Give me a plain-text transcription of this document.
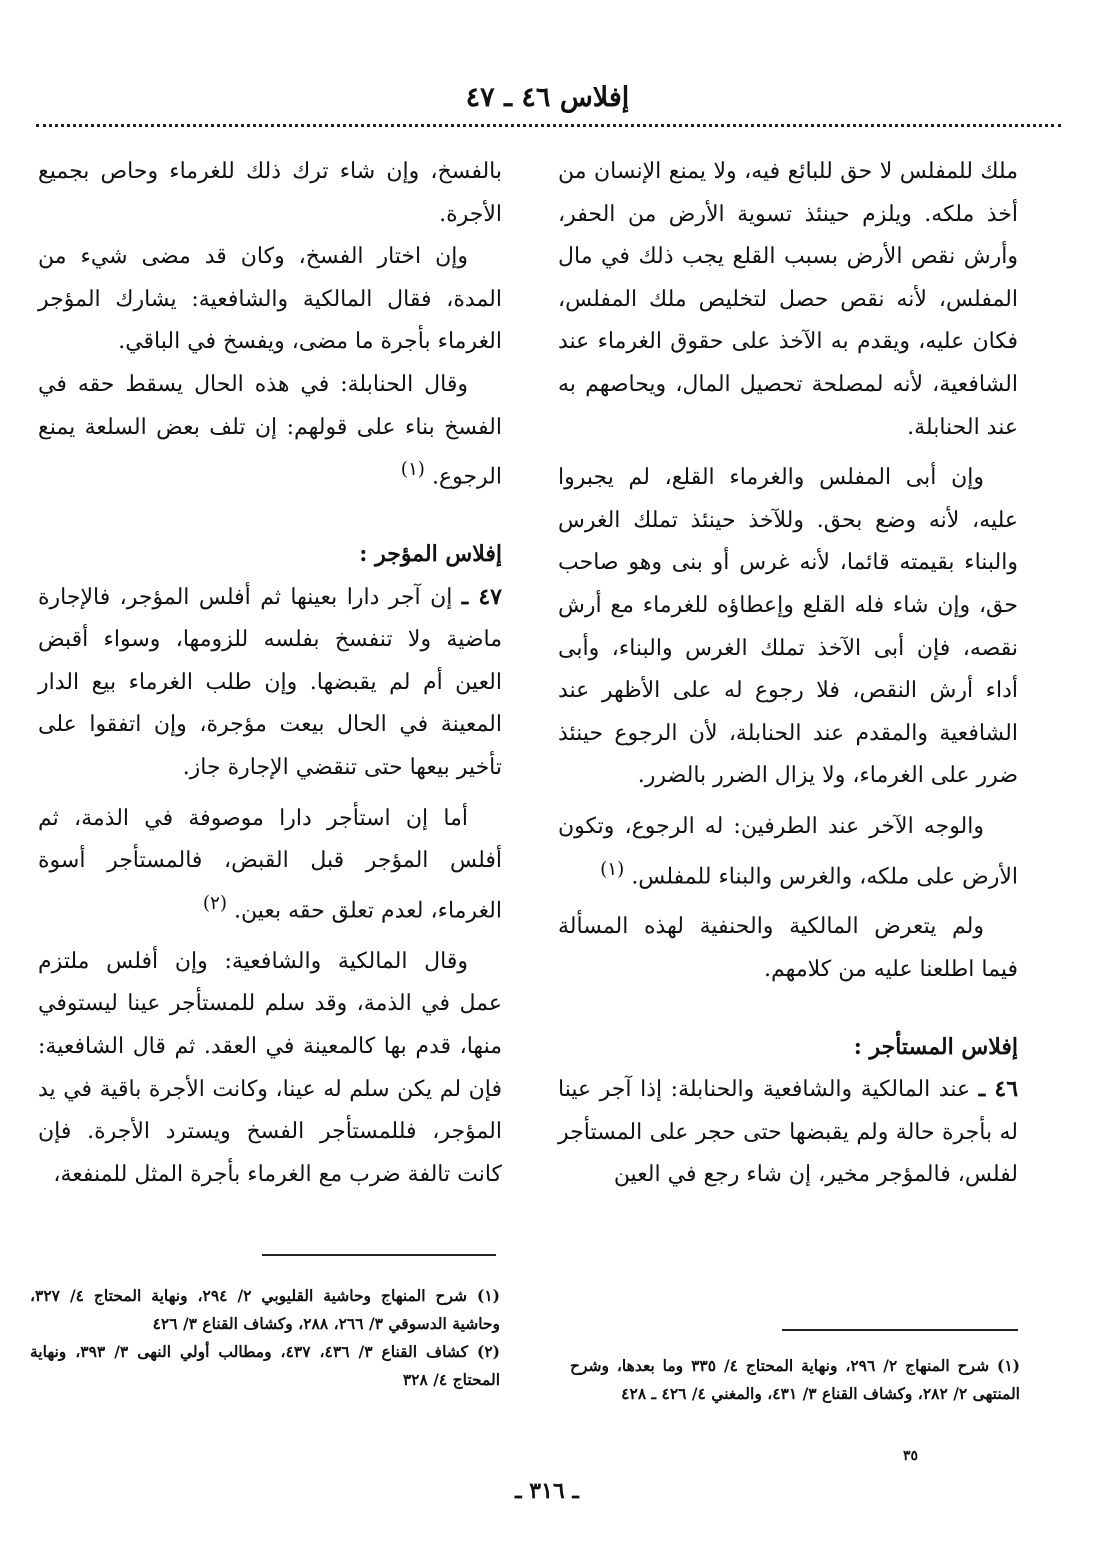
إفلاس ٤٦ ـ ٤٧

ملك للمفلس لا حق للبائع فيه، ولا يمنع الإنسان من أخذ ملكه. ويلزم حينئذ تسوية الأرض من الحفر، وأرش نقص الأرض بسبب القلع يجب ذلك في مال المفلس، لأنه نقص حصل لتخليص ملك المفلس، فكان عليه، ويقدم به الآخذ على حقوق الغرماء عند الشافعية، لأنه لمصلحة تحصيل المال، ويحاصهم به عند الحنابلة.

وإن أبى المفلس والغرماء القلع، لم يجبروا عليه، لأنه وضع بحق. وللآخذ حينئذ تملك الغرس والبناء بقيمته قائما، لأنه غرس أو بنى وهو صاحب حق، وإن شاء فله القلع وإعطاؤه للغرماء مع أرش نقصه، فإن أبى الآخذ تملك الغرس والبناء، وأبى أداء أرش النقص، فلا رجوع له على الأظهر عند الشافعية والمقدم عند الحنابلة، لأن الرجوع حينئذ ضرر على الغرماء، ولا يزال الضرر بالضرر.

والوجه الآخر عند الطرفين: له الرجوع، وتكون الأرض على ملكه، والغرس والبناء للمفلس. $^{(١)}$

ولم يتعرض المالكية والحنفية لهذه المسألة فيما اطلعنا عليه من كلامهم.

إفلاس المستأجر :

٤٦ ـ عند المالكية والشافعية والحنابلة: إذا آجر عينا له بأجرة حالة ولم يقبضها حتى حجر على المستأجر لفلس، فالمؤجر مخير، إن شاء رجع في العين

بالفسخ، وإن شاء ترك ذلك للغرماء وحاص بجميع الأجرة.

وإن اختار الفسخ، وكان قد مضى شيء من المدة، فقال المالكية والشافعية: يشارك المؤجر الغرماء بأجرة ما مضى، ويفسخ في الباقي.

وقال الحنابلة: في هذه الحال يسقط حقه في الفسخ بناء على قولهم: إن تلف بعض السلعة يمنع الرجوع. $^{(١)}$

إفلاس المؤجر :

٤٧ ـ إن آجر دارا بعينها ثم أفلس المؤجر، فالإجارة ماضية ولا تنفسخ بفلسه للزومها، وسواء أقبض العين أم لم يقبضها. وإن طلب الغرماء بيع الدار المعينة في الحال بيعت مؤجرة، وإن اتفقوا على تأخير بيعها حتى تنقضي الإجارة جاز.

أما إن استأجر دارا موصوفة في الذمة، ثم أفلس المؤجر قبل القبض، فالمستأجر أسوة الغرماء، لعدم تعلق حقه بعين. $^{(٢)}$

وقال المالكية والشافعية: وإن أفلس ملتزم عمل في الذمة، وقد سلم للمستأجر عينا ليستوفي منها، قدم بها كالمعينة في العقد. ثم قال الشافعية: فإن لم يكن سلم له عينا، وكانت الأجرة باقية في يد المؤجر، فللمستأجر الفسخ ويسترد الأجرة. فإن كانت تالفة ضرب مع الغرماء بأجرة المثل للمنفعة،

(١) شرح المنهاج ٢/ ٢٩٦، ونهاية المحتاج ٤/ ٣٣٥ وما بعدها، وشرح المنتهى ٢/ ٢٨٢، وكشاف القناع ٣/ ٤٣١، والمغني ٤/ ٤٢٦ ـ ٤٢٨

(١) شرح المنهاج وحاشية القليوبي ٢/ ٢٩٤، ونهاية المحتاج ٤/ ٣٢٧، وحاشية الدسوقي ٣/ ٢٦٦، ٢٨٨، وكشاف القناع ٣/ ٤٢٦

(٢) كشاف القناع ٣/ ٤٣٦، ٤٣٧، ومطالب أولي النهى ٣/ ٣٩٣، ونهاية المحتاج ٤/ ٣٢٨

٣٥
ـ ٣١٦ ـ
